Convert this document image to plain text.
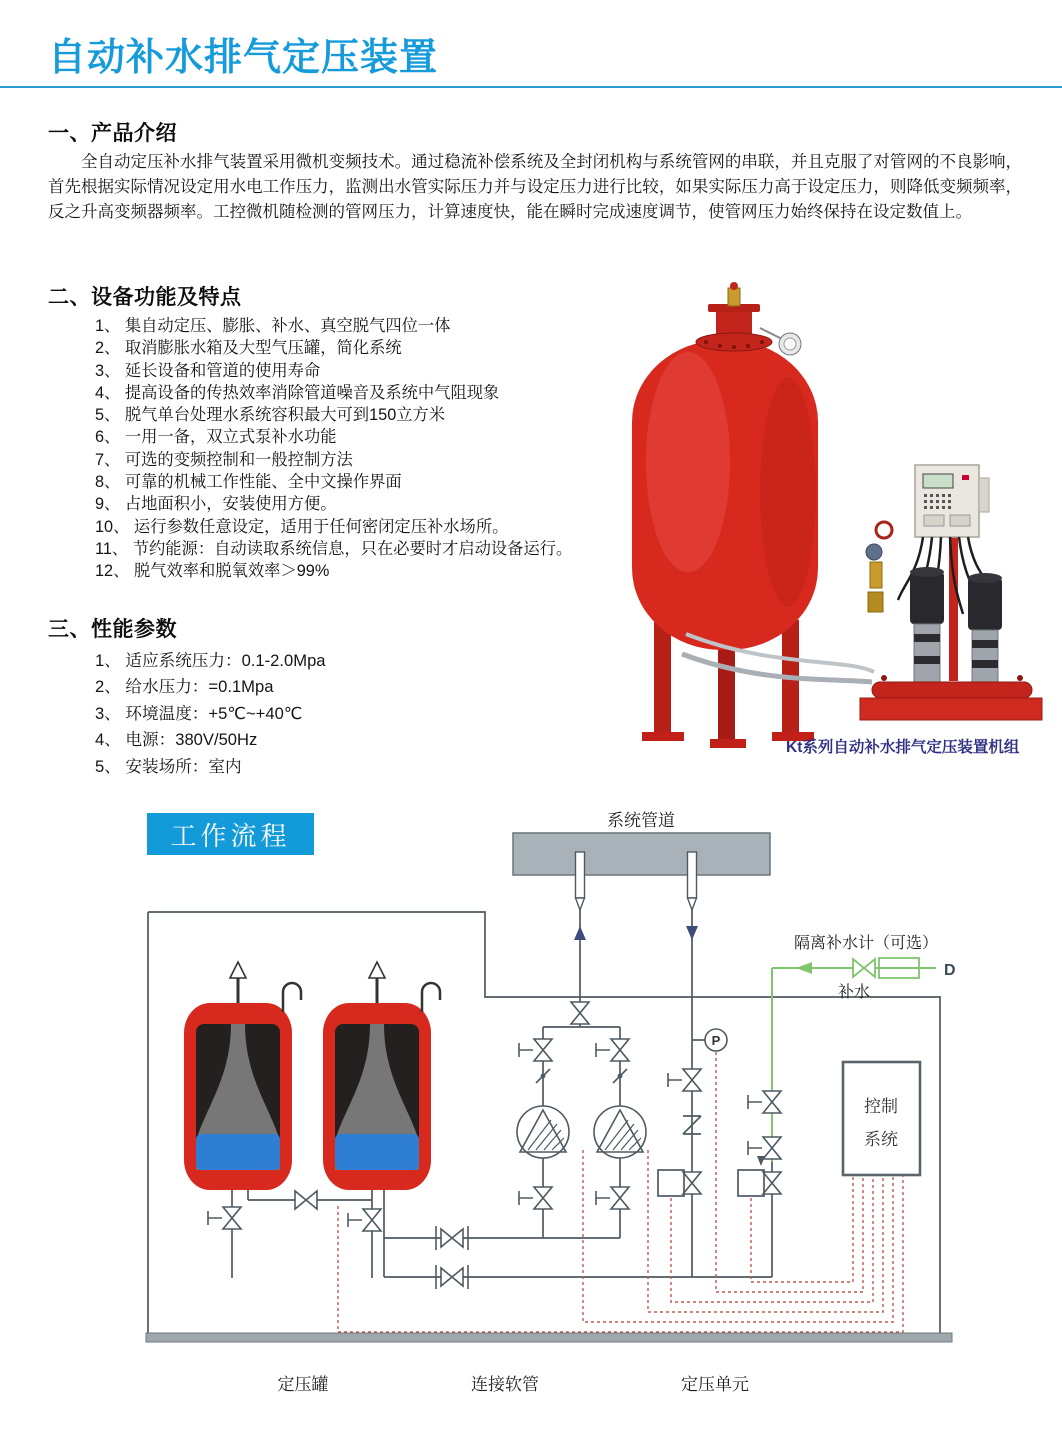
自动补水排气定压装置
一、产品介绍
全自动定压补水排气装置采用微机变频技术。通过稳流补偿系统及全封闭机构与系统管网的串联，并且克服了对管网的不良影响，首先根据实际情况设定用水电工作压力，监测出水管实际压力并与设定压力进行比较，如果实际压力高于设定压力，则降低变频频率，反之升高变频器频率。工控微机随检测的管网压力，计算速度快，能在瞬时完成速度调节，使管网压力始终保持在设定数值上。
二、设备功能及特点
1、 集自动定压、膨胀、补水、真空脱气四位一体
2、 取消膨胀水箱及大型气压罐，简化系统
3、 延长设备和管道的使用寿命
4、 提高设备的传热效率消除管道噪音及系统中气阻现象
5、 脱气单台处理水系统容积最大可到150立方米
6、 一用一备，双立式泵补水功能
7、 可选的变频控制和一般控制方法
8、 可靠的机械工作性能、全中文操作界面
9、 占地面积小，安装使用方便。
10、 运行参数任意设定，适用于任何密闭定压补水场所。
11、 节约能源：自动读取系统信息，只在必要时才启动设备运行。
12、 脱气效率和脱氧效率＞99%
三、性能参数
1、 适应系统压力：0.1-2.0Mpa
2、 给水压力：=0.1Mpa
3、 环境温度：+5℃~+40℃
4、 电源：380V/50Hz
5、 安装场所：室内
Kt系列自动补水排气定压装置机组
工作流程	系统管道
P
隔离补水计（可选）
补水
D
控制
系统
定压罐	连接软管	定压单元
